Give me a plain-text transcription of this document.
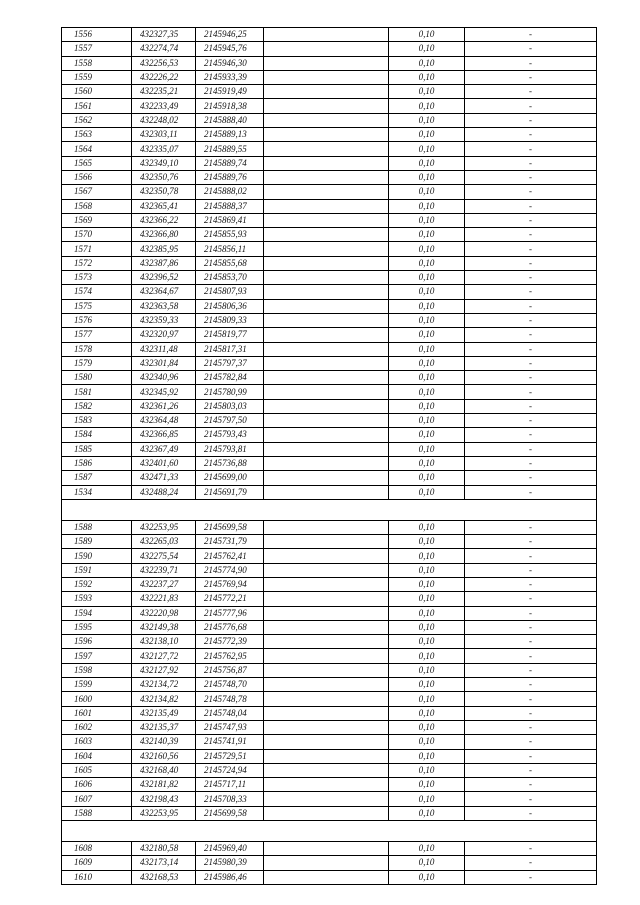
1556	432327,35	2145946,25		0,10	-
1557	432274,74	2145945,76		0,10	-
1558	432256,53	2145946,30		0,10	-
1559	432226,22	2145933,39		0,10	-
1560	432235,21	2145919,49		0,10	-
1561	432233,49	2145918,38		0,10	-
1562	432248,02	2145888,40		0,10	-
1563	432303,11	2145889,13		0,10	-
1564	432335,07	2145889,55		0,10	-
1565	432349,10	2145889,74		0,10	-
1566	432350,76	2145889,76		0,10	-
1567	432350,78	2145888,02		0,10	-
1568	432365,41	2145888,37		0,10	-
1569	432366,22	2145869,41		0,10	-
1570	432366,80	2145855,93		0,10	-
1571	432385,95	2145856,11		0,10	-
1572	432387,86	2145855,68		0,10	-
1573	432396,52	2145853,70		0,10	-
1574	432364,67	2145807,93		0,10	-
1575	432363,58	2145806,36		0,10	-
1576	432359,33	2145809,33		0,10	-
1577	432320,97	2145819,77		0,10	-
1578	432311,48	2145817,31		0,10	-
1579	432301,84	2145797,37		0,10	-
1580	432340,96	2145782,84		0,10	-
1581	432345,92	2145780,99		0,10	-
1582	432361,26	2145803,03		0,10	-
1583	432364,48	2145797,50		0,10	-
1584	432366,85	2145793,43		0,10	-
1585	432367,49	2145793,81		0,10	-
1586	432401,60	2145736,88		0,10	-
1587	432471,33	2145699,00		0,10	-
1534	432488,24	2145691,79		0,10	-

1588	432253,95	2145699,58		0,10	-
1589	432265,03	2145731,79		0,10	-
1590	432275,54	2145762,41		0,10	-
1591	432239,71	2145774,90		0,10	-
1592	432237,27	2145769,94		0,10	-
1593	432221,83	2145772,21		0,10	-
1594	432220,98	2145777,96		0,10	-
1595	432149,38	2145776,68		0,10	-
1596	432138,10	2145772,39		0,10	-
1597	432127,72	2145762,95		0,10	-
1598	432127,92	2145756,87		0,10	-
1599	432134,72	2145748,70		0,10	-
1600	432134,82	2145748,78		0,10	-
1601	432135,49	2145748,04		0,10	-
1602	432135,37	2145747,93		0,10	-
1603	432140,39	2145741,91		0,10	-
1604	432160,56	2145729,51		0,10	-
1605	432168,40	2145724,94		0,10	-
1606	432181,82	2145717,11		0,10	-
1607	432198,43	2145708,33		0,10	-
1588	432253,95	2145699,58		0,10	-

1608	432180,58	2145969,40		0,10	-
1609	432173,14	2145980,39		0,10	-
1610	432168,53	2145986,46		0,10	-
